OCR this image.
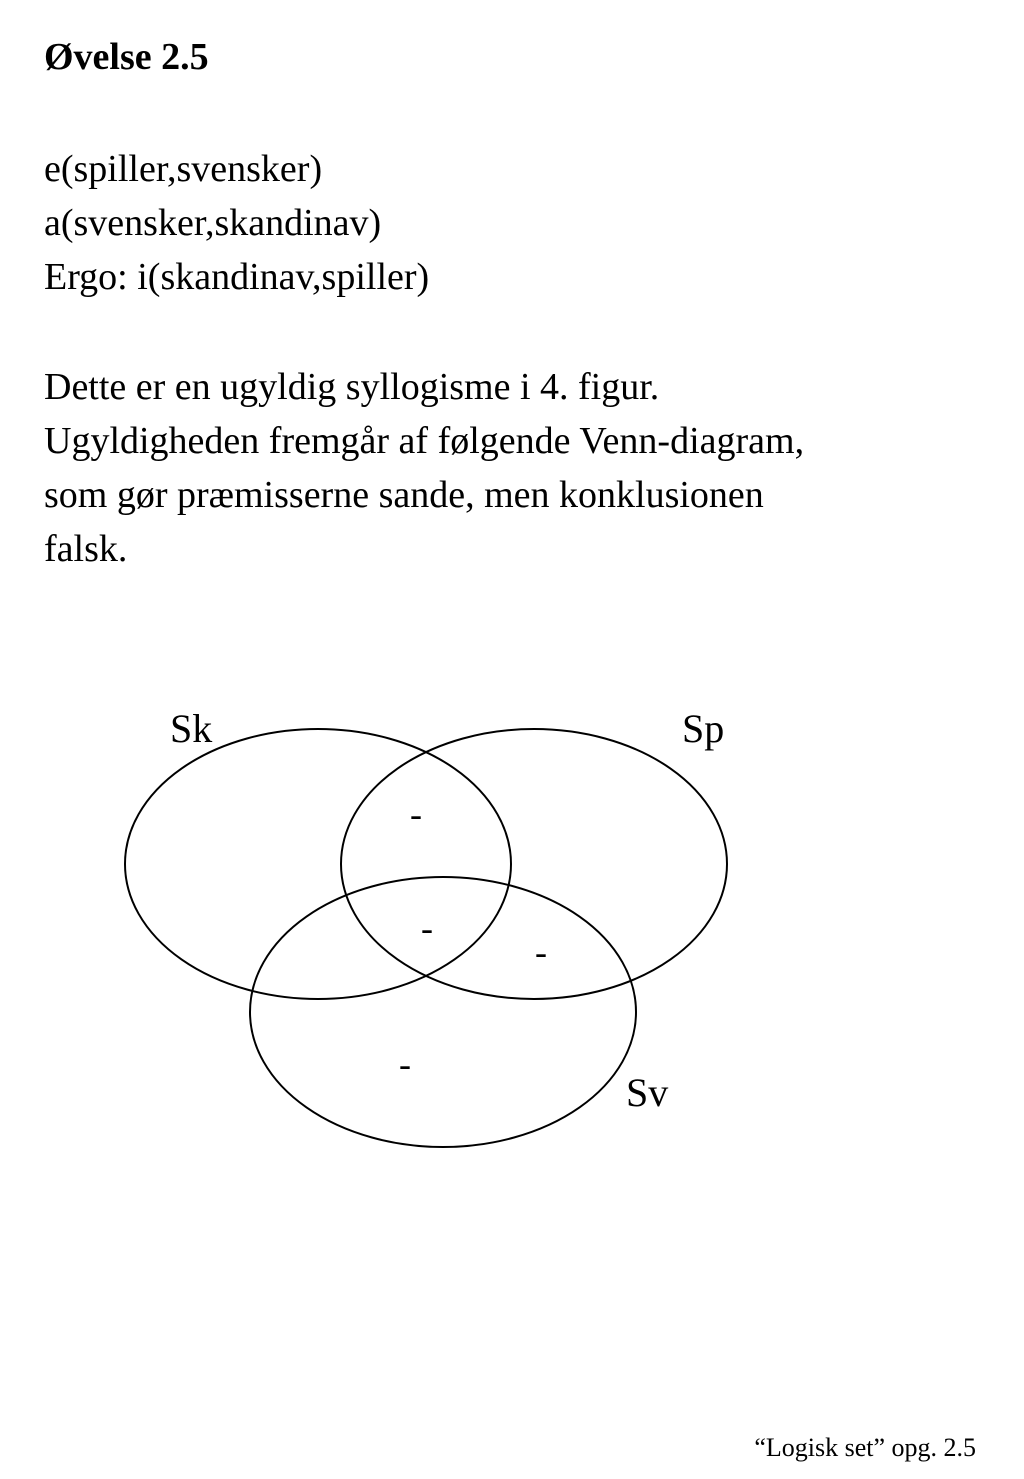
Øvelse 2.5

e(spiller,svensker)

a(svensker,skandinav)

Ergo: i(skandinav,spiller)

Dette er en ugyldig syllogisme i 4. figur.

Ugyldigheden fremgår af følgende Venn-diagram,

som gør præmisserne sande, men konklusionen

falsk.

Sk	Sp
Sv
-
-
-
-

“Logisk set” opg. 2.5
